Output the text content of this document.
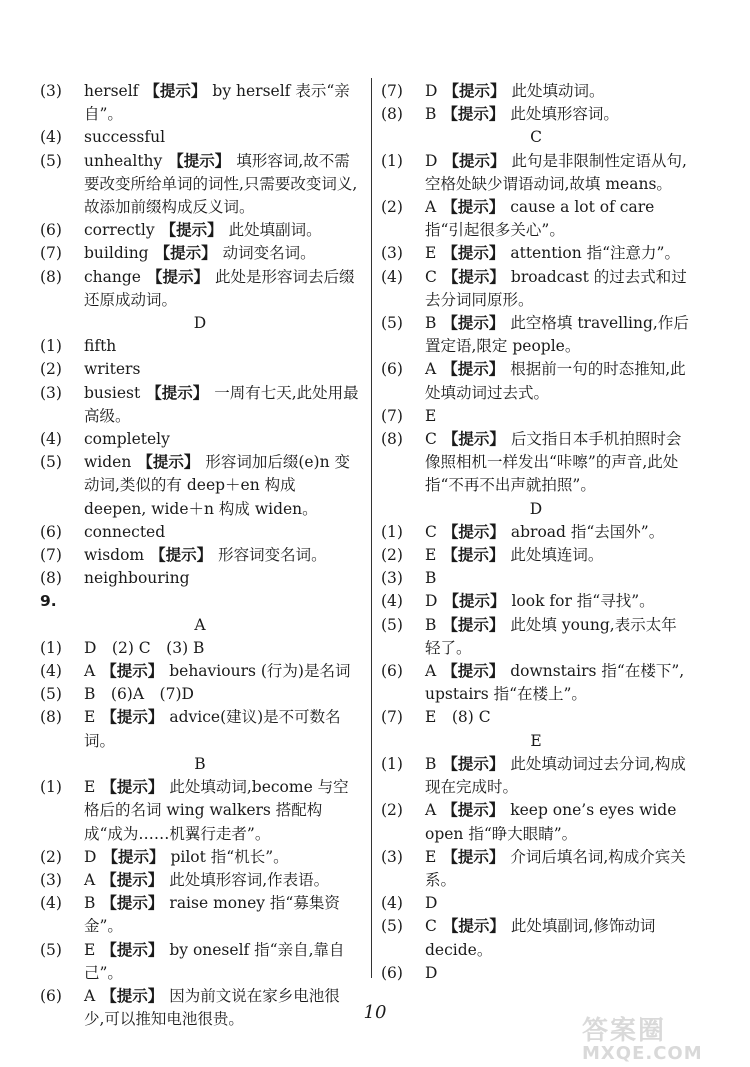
(3)	herself 【提示】 by herself 表示“亲自”。
(4)	successful
(5)	unhealthy 【提示】 填形容词,故不需要改变所给单词的词性,只需要改变词义,故添加前缀构成反义词。
(6)	correctly 【提示】 此处填副词。
(7)	building 【提示】 动词变名词。
(8)	change 【提示】 此处是形容词去后缀还原成动词。
D
(1)	fifth
(2)	writers
(3)	busiest 【提示】 一周有七天,此处用最高级。
(4)	completely
(5)	widen 【提示】 形容词加后缀(e)n 变动词,类似的有 deep＋en 构成 deepen, wide＋n 构成 widen。
(6)	connected
(7)	wisdom 【提示】 形容词变名词。
(8)	neighbouring
9.
A
(1)	D　(2) C　(3) B
(4)	A 【提示】 behaviours (行为)是名词
(5)	B　(6)A　(7)D
(8)	E 【提示】 advice(建议)是不可数名词。
B
(1)	E 【提示】 此处填动词,become 与空格后的名词 wing walkers 搭配构成“成为……机翼行走者”。
(2)	D 【提示】 pilot 指“机长”。
(3)	A 【提示】 此处填形容词,作表语。
(4)	B 【提示】 raise money 指“募集资金”。
(5)	E 【提示】 by oneself 指“亲自,靠自己”。
(6)	A 【提示】 因为前文说在家乡电池很少,可以推知电池很贵。
(7)	D 【提示】 此处填动词。
(8)	B 【提示】 此处填形容词。
C
(1)	D 【提示】 此句是非限制性定语从句,空格处缺少谓语动词,故填 means。
(2)	A 【提示】 cause a lot of care 指“引起很多关心”。
(3)	E 【提示】 attention 指“注意力”。
(4)	C 【提示】 broadcast 的过去式和过去分词同原形。
(5)	B 【提示】 此空格填 travelling,作后置定语,限定 people。
(6)	A 【提示】 根据前一句的时态推知,此处填动词过去式。
(7)	E
(8)	C 【提示】 后文指日本手机拍照时会像照相机一样发出“咔嚓”的声音,此处指“不再不出声就拍照”。
D
(1)	C 【提示】 abroad 指“去国外”。
(2)	E 【提示】 此处填连词。
(3)	B
(4)	D 【提示】 look for 指“寻找”。
(5)	B 【提示】 此处填 young,表示太年轻了。
(6)	A 【提示】 downstairs 指“在楼下”, upstairs 指“在楼上”。
(7)	E　(8) C
E
(1)	B 【提示】 此处填动词过去分词,构成现在完成时。
(2)	A 【提示】 keep one’s eyes wide open 指“睁大眼睛”。
(3)	E 【提示】 介词后填名词,构成介宾关系。
(4)	D
(5)	C 【提示】 此处填副词,修饰动词 decide。
(6)	D
10
答案圈
MXQE.COM
